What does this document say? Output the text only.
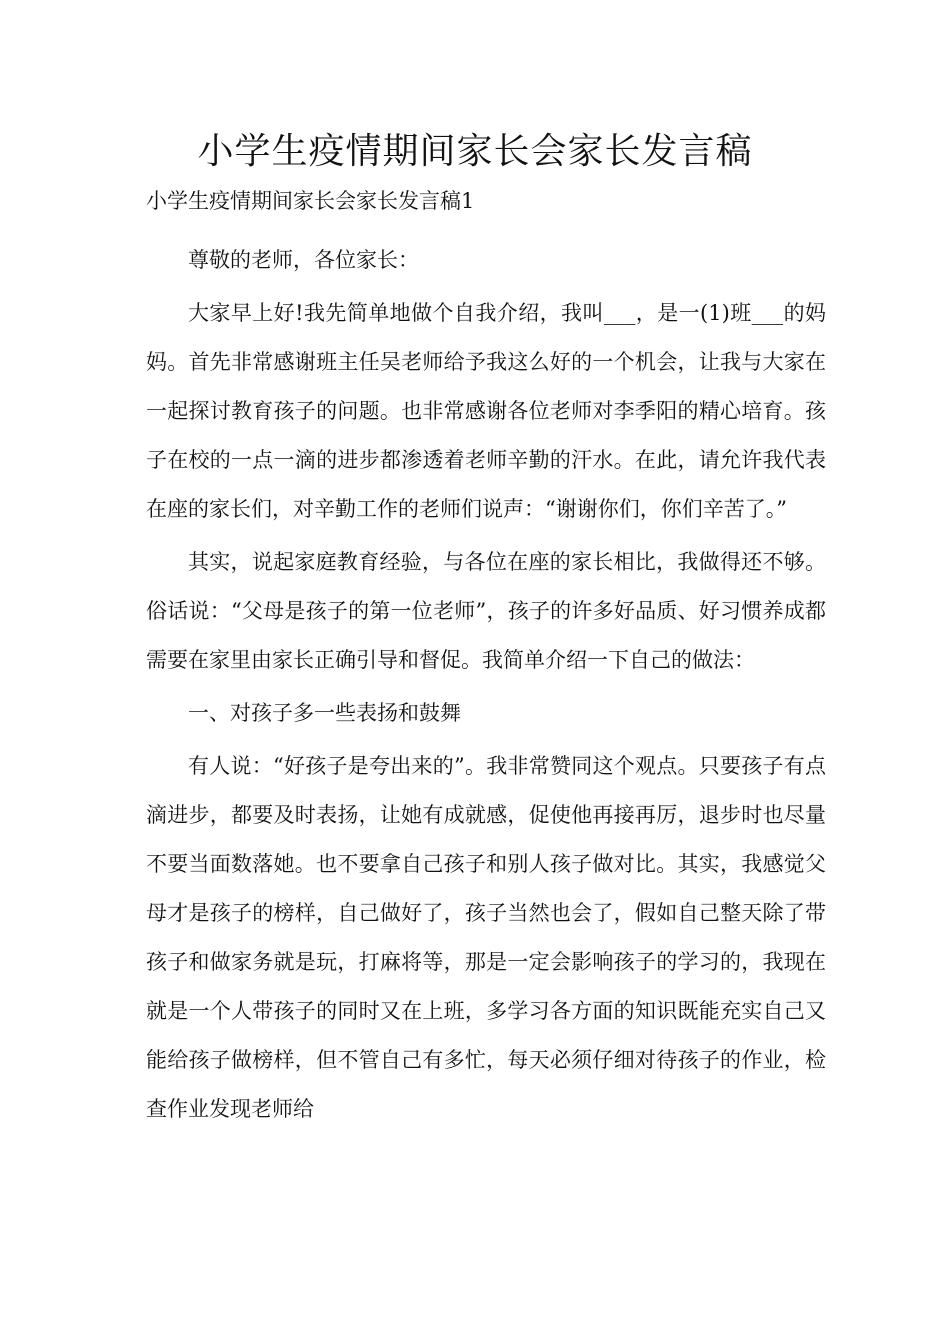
小学生疫情期间家长会家长发言稿

小学生疫情期间家长会家长发言稿1

尊敬的老师，各位家长：

大家早上好!我先简单地做个自我介绍，我叫___，是一(1)班___的妈妈。首先非常感谢班主任吴老师给予我这么好的一个机会，让我与大家在一起探讨教育孩子的问题。也非常感谢各位老师对李季阳的精心培育。孩子在校的一点一滴的进步都渗透着老师辛勤的汗水。在此，请允许我代表在座的家长们，对辛勤工作的老师们说声：“谢谢你们，你们辛苦了。”

其实，说起家庭教育经验，与各位在座的家长相比，我做得还不够。俗话说：“父母是孩子的第一位老师”，孩子的许多好品质、好习惯养成都需要在家里由家长正确引导和督促。我简单介绍一下自己的做法：

一、对孩子多一些表扬和鼓舞

有人说：“好孩子是夸出来的”。我非常赞同这个观点。只要孩子有点滴进步，都要及时表扬，让她有成就感，促使他再接再厉，退步时也尽量不要当面数落她。也不要拿自己孩子和别人孩子做对比。其实，我感觉父母才是孩子的榜样，自己做好了，孩子当然也会了，假如自己整天除了带孩子和做家务就是玩，打麻将等，那是一定会影响孩子的学习的，我现在就是一个人带孩子的同时又在上班，多学习各方面的知识既能充实自己又能给孩子做榜样，但不管自己有多忙，每天必须仔细对待孩子的作业，检查作业发现老师给
